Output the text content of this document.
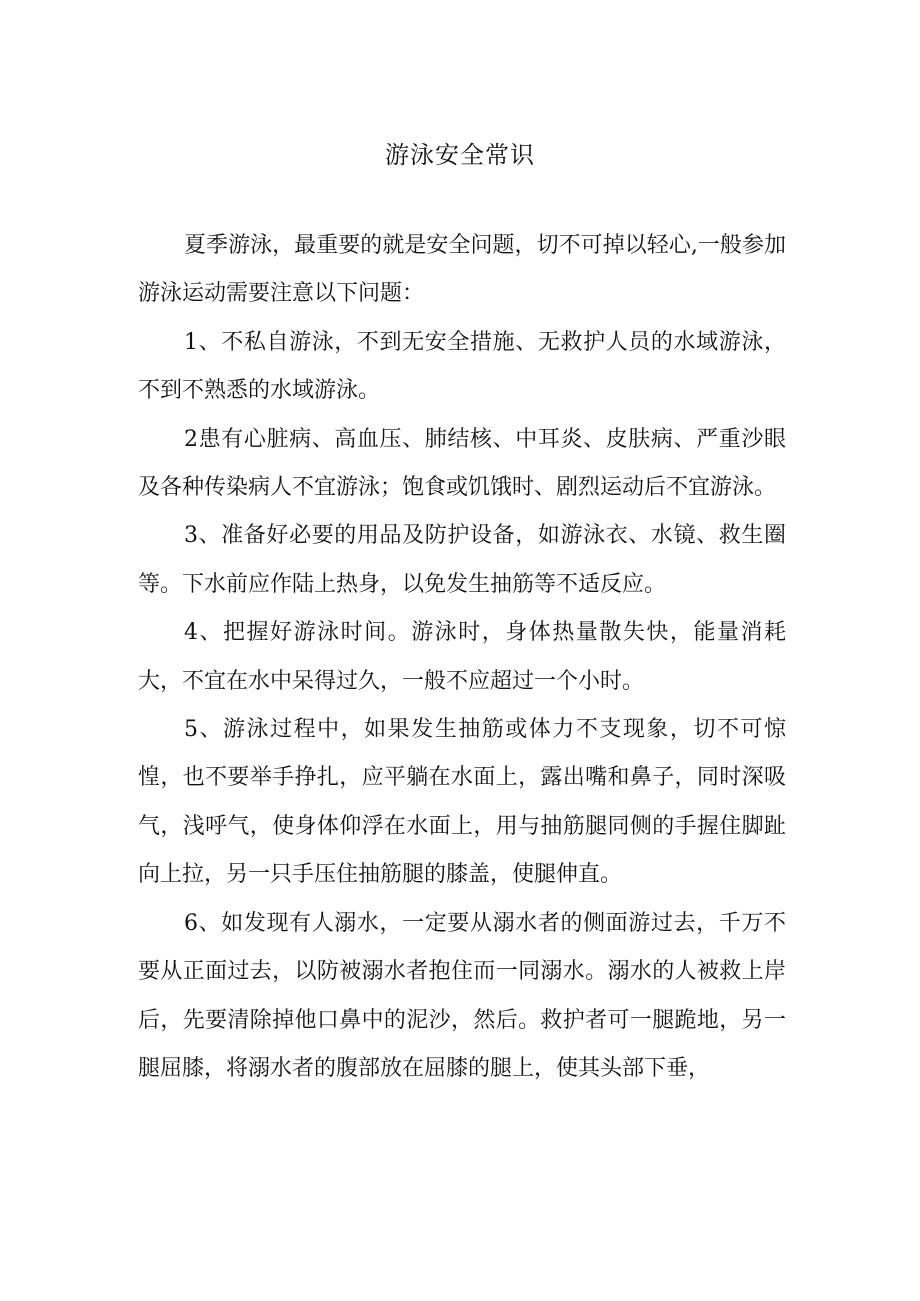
游泳安全常识

夏季游泳，最重要的就是安全问题，切不可掉以轻心,一般参加游泳运动需要注意以下问题：

1、不私自游泳，不到无安全措施、无救护人员的水域游泳，不到不熟悉的水域游泳。

2患有心脏病、高血压、肺结核、中耳炎、皮肤病、严重沙眼及各种传染病人不宜游泳；饱食或饥饿时、剧烈运动后不宜游泳。

3、准备好必要的用品及防护设备，如游泳衣、水镜、救生圈等。下水前应作陆上热身，以免发生抽筋等不适反应。

4、把握好游泳时间。游泳时，身体热量散失快，能量消耗大，不宜在水中呆得过久，一般不应超过一个小时。

5、游泳过程中，如果发生抽筋或体力不支现象，切不可惊惶，也不要举手挣扎，应平躺在水面上，露出嘴和鼻子，同时深吸气，浅呼气，使身体仰浮在水面上，用与抽筋腿同侧的手握住脚趾向上拉，另一只手压住抽筋腿的膝盖，使腿伸直。

6、如发现有人溺水，一定要从溺水者的侧面游过去，千万不要从正面过去，以防被溺水者抱住而一同溺水。溺水的人被救上岸后，先要清除掉他口鼻中的泥沙，然后。救护者可一腿跪地，另一腿屈膝，将溺水者的腹部放在屈膝的腿上，使其头部下垂，
